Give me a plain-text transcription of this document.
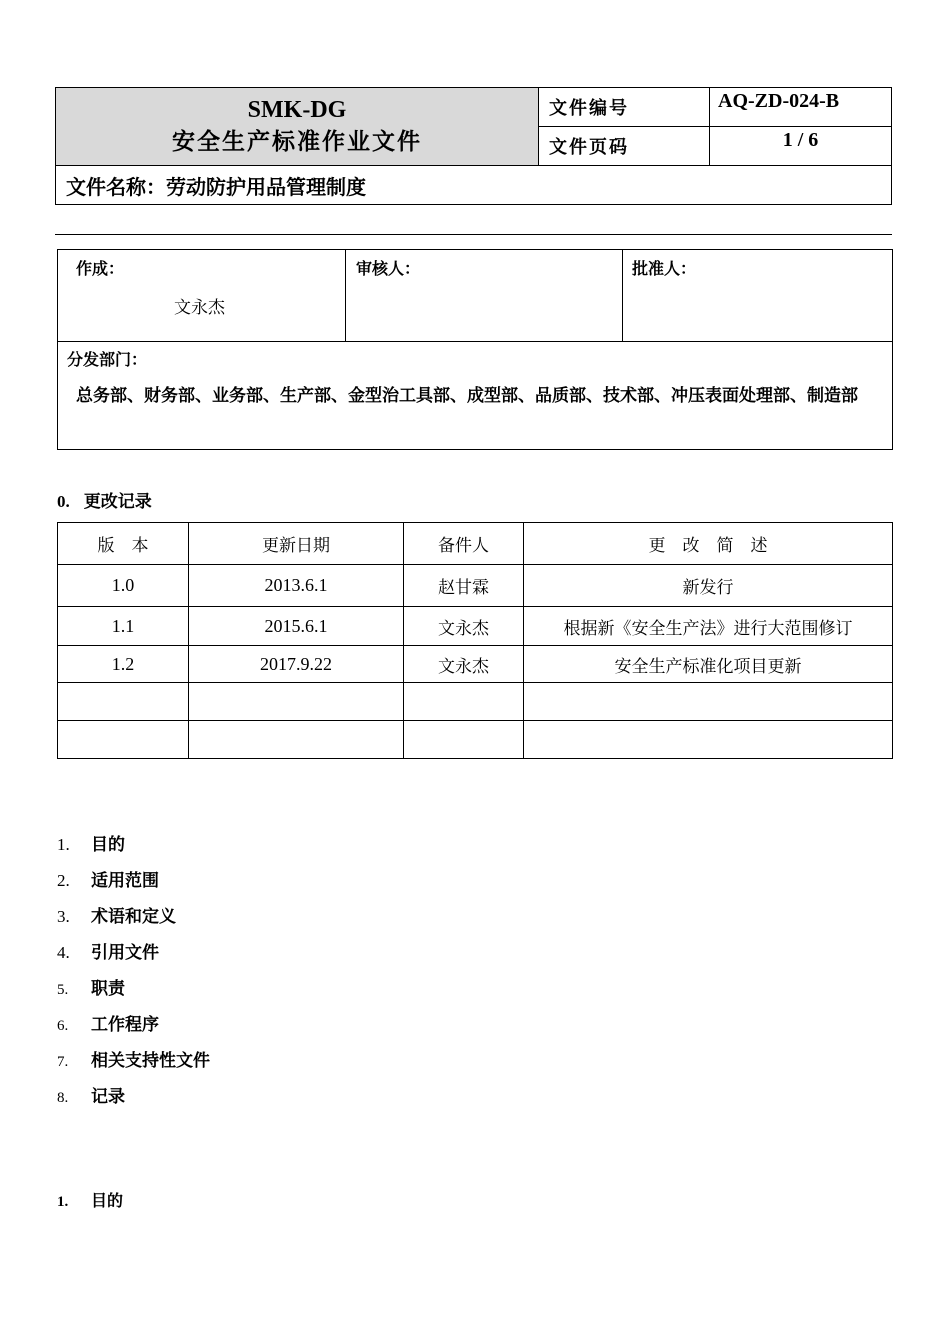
SMK-DG
安全生产标准作业文件	文件编号	AQ-ZD-024-B
	文件页码	1 / 6
文件名称：劳动防护用品管理制度		
作成：
文永杰

审核人：	批准人：

分发部门：
总务部、财务部、业务部、生产部、金型治工具部、成型部、品质部、技术部、冲压表面处理部、制造部
0. 更改记录
版　本	更新日期	备件人	更　改　简　述
1.0	2013.6.1	赵甘霖	新发行
1.1	2015.6.1	文永杰	根据新《安全生产法》进行大范围修订
1.2	2017.9.22	文永杰	安全生产标准化项目更新

1. 目的
2. 适用范围
3. 术语和定义
4. 引用文件
5. 职责
6. 工作程序
7. 相关支持性文件
8. 记录
1. 目的
